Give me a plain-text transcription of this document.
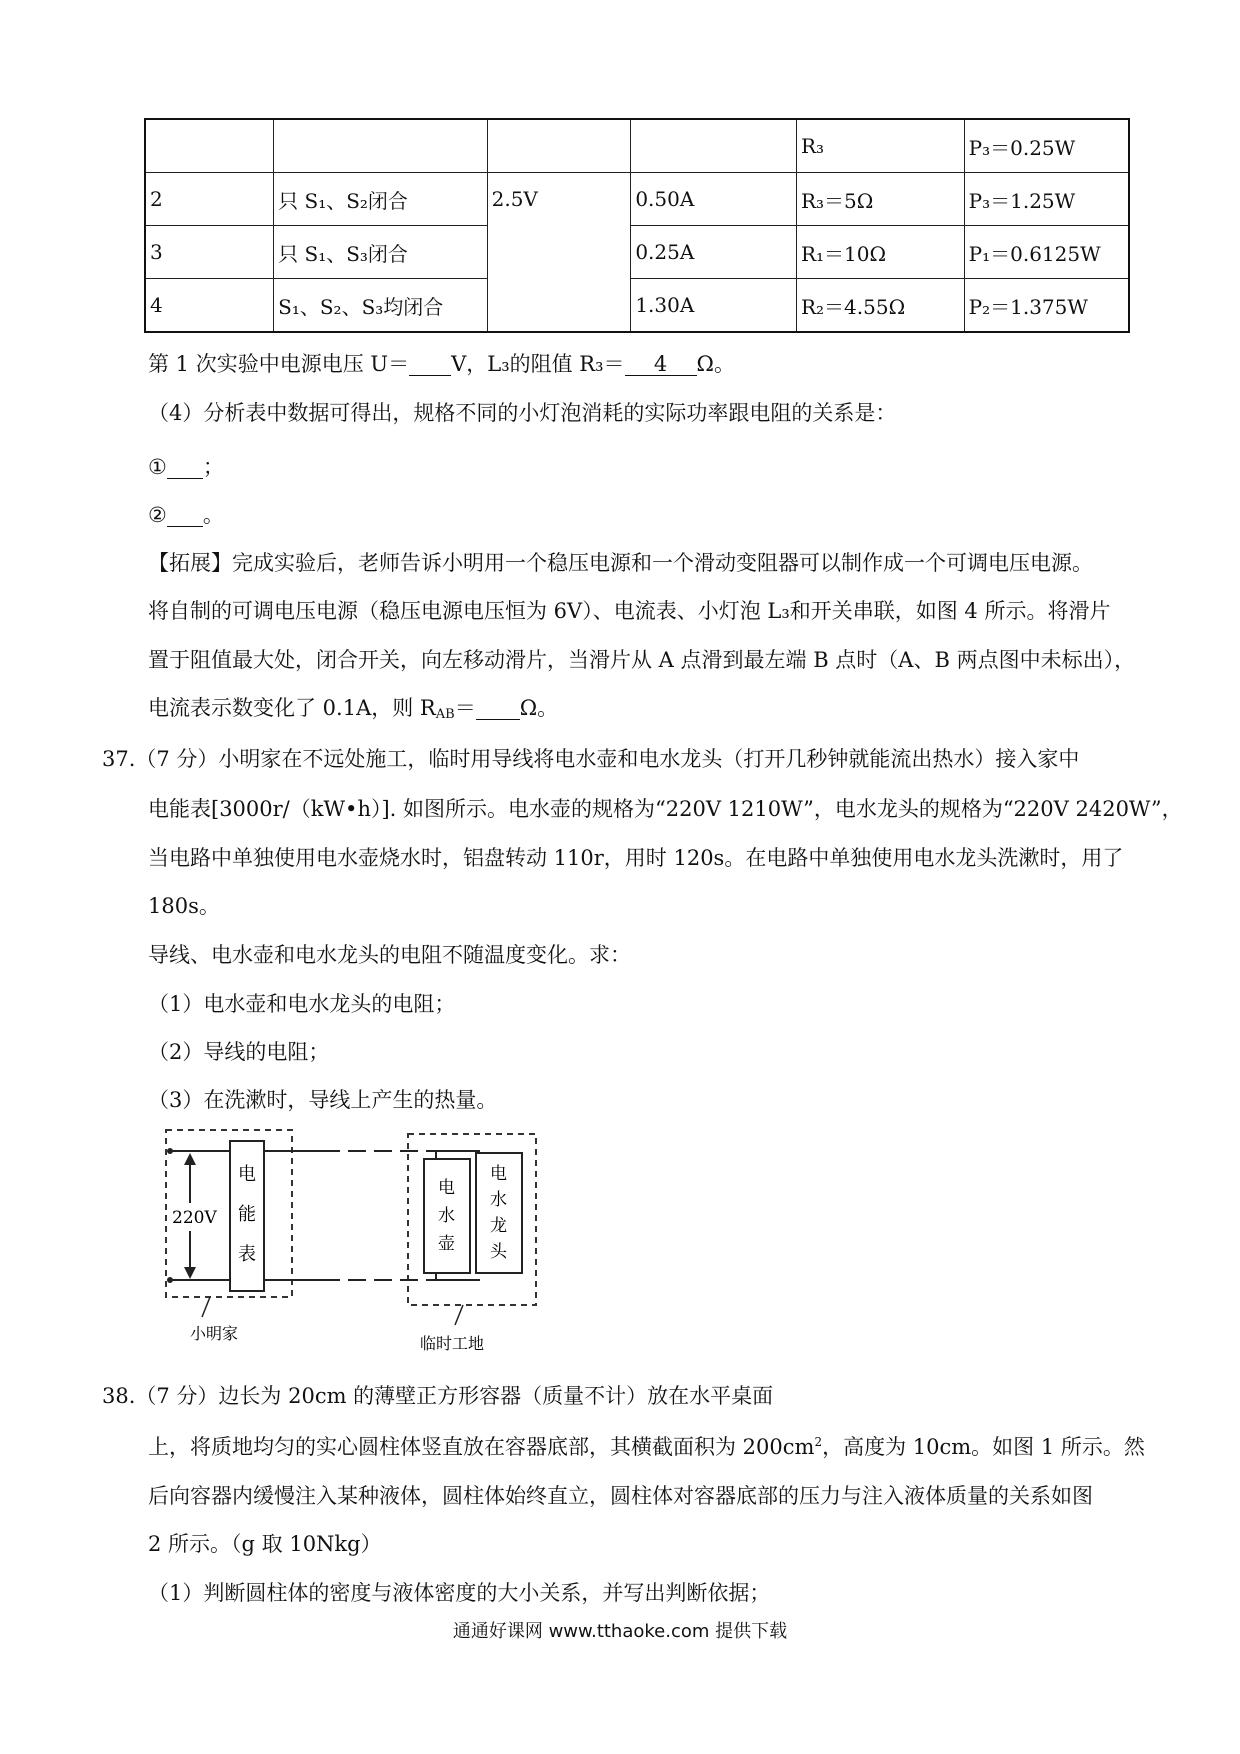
				R₃	P₃＝0.25W
2	只 S₁、S₂闭合	2.5V	0.50A	R₃＝5Ω	P₃＝1.25W
3	只 S₁、S₃闭合		0.25A	R₁＝10Ω	P₁＝0.6125W
4	S₁、S₂、S₃均闭合		1.30A	R₂＝4.55Ω	P₂＝1.375W
第 1 次实验中电源电压 U＝ V，L₃的阻值 R₃＝ 4 Ω。
（4）分析表中数据可得出，规格不同的小灯泡消耗的实际功率跟电阻的关系是：
① ；
② 。
【拓展】完成实验后，老师告诉小明用一个稳压电源和一个滑动变阻器可以制作成一个可调电压电源。
将自制的可调电压电源（稳压电源电压恒为 6V）、电流表、小灯泡 L₃和开关串联，如图 4 所示。将滑片
置于阻值最大处，闭合开关，向左移动滑片，当滑片从 A 点滑到最左端 B 点时（A、B 两点图中未标出），
电流表示数变化了 0.1A，则 $R_{AB}= \Omega$。
37.（7 分）小明家在不远处施工，临时用导线将电水壶和电水龙头（打开几秒钟就能流出热水）接入家中
电能表[3000r/（kW•h）]. 如图所示。电水壶的规格为“220V 1210W”，电水龙头的规格为“220V 2420W”，
当电路中单独使用电水壶烧水时，铝盘转动 110r，用时 120s。在电路中单独使用电水龙头洗漱时，用了
180s。
导线、电水壶和电水龙头的电阻不随温度变化。求：
（1）电水壶和电水龙头的电阻；
（2）导线的电阻；
（3）在洗漱时，导线上产生的热量。
220V
电
能
表
电
水
壶
电
水
龙
头
小明家
临时工地
38.（7 分）边长为 20cm 的薄壁正方形容器（质量不计）放在水平桌面
上，将质地均匀的实心圆柱体竖直放在容器底部，其横截面积为 $200cm^2$，高度为 10cm。如图 1 所示。然
后向容器内缓慢注入某种液体，圆柱体始终直立，圆柱体对容器底部的压力与注入液体质量的关系如图
2 所示。（g 取 10Nkg）
（1）判断圆柱体的密度与液体密度的大小关系，并写出判断依据；
通通好课网 www.tthaoke.com 提供下载
